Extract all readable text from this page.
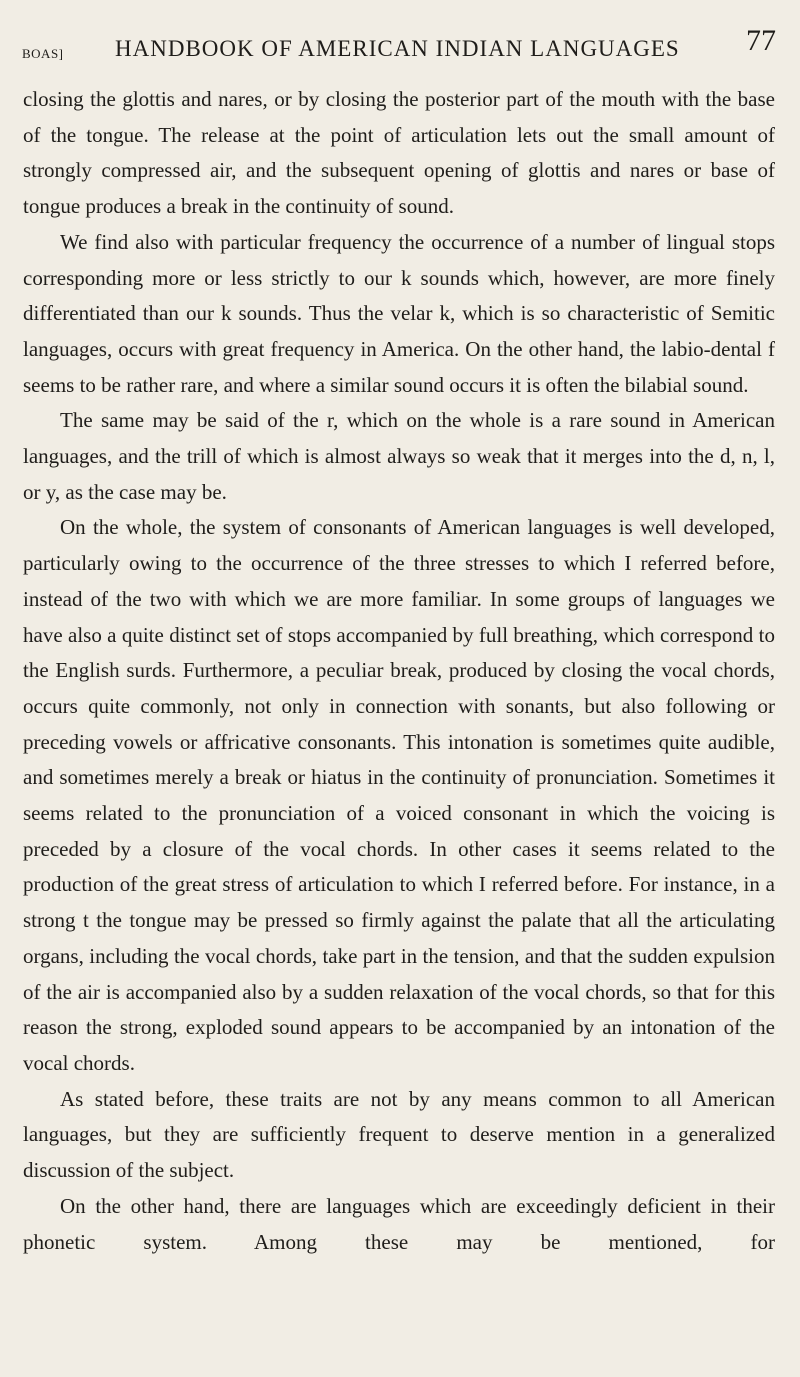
BOAS] HANDBOOK OF AMERICAN INDIAN LANGUAGES 77

closing the glottis and nares, or by closing the posterior part of the mouth with the base of the tongue. The release at the point of articulation lets out the small amount of strongly compressed air, and the subsequent opening of glottis and nares or base of tongue produces a break in the continuity of sound.

We find also with particular frequency the occurrence of a number of lingual stops corresponding more or less strictly to our k sounds which, however, are more finely differentiated than our k sounds. Thus the velar k, which is so characteristic of Semitic languages, occurs with great frequency in America. On the other hand, the labio-dental f seems to be rather rare, and where a similar sound occurs it is often the bilabial sound.

The same may be said of the r, which on the whole is a rare sound in American languages, and the trill of which is almost always so weak that it merges into the d, n, l, or y, as the case may be.

On the whole, the system of consonants of American languages is well developed, particularly owing to the occurrence of the three stresses to which I referred before, instead of the two with which we are more familiar. In some groups of languages we have also a quite distinct set of stops accompanied by full breathing, which correspond to the English surds. Furthermore, a peculiar break, produced by closing the vocal chords, occurs quite commonly, not only in connection with sonants, but also following or preceding vowels or affricative consonants. This intonation is sometimes quite audible, and sometimes merely a break or hiatus in the continuity of pronunciation. Sometimes it seems related to the pronunciation of a voiced consonant in which the voicing is preceded by a closure of the vocal chords. In other cases it seems related to the production of the great stress of articulation to which I referred before. For instance, in a strong t the tongue may be pressed so firmly against the palate that all the articulating organs, including the vocal chords, take part in the tension, and that the sudden expulsion of the air is accompanied also by a sudden relaxation of the vocal chords, so that for this reason the strong, exploded sound appears to be accompanied by an intonation of the vocal chords.

As stated before, these traits are not by any means common to all American languages, but they are sufficiently frequent to deserve mention in a generalized discussion of the subject.

On the other hand, there are languages which are exceedingly deficient in their phonetic system. Among these may be mentioned, for
